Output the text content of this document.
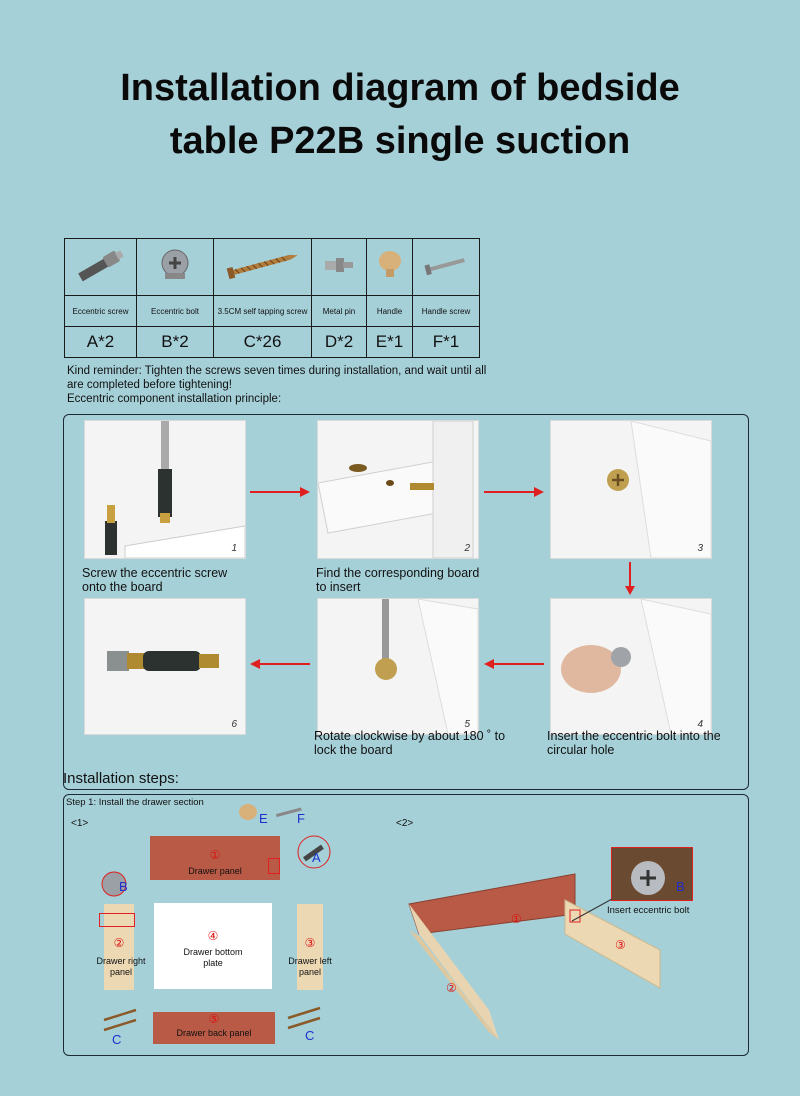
Installation diagram of bedside
table P22B single suction

Eccentric screw	Eccentric bolt	3.5CM self tapping screw	Metal pin	Handle	Handle screw
A*2	B*2	C*26	D*2	E*1	F*1
Kind reminder: Tighten the screws seven times during installation, and wait until all
are completed before tightening!
Eccentric component installation principle:
1	2	3
Screw the eccentric screw
onto the board
Find the corresponding board
to insert
6	5	4
Rotate clockwise by about 180 ˚ to
lock the board
Insert the eccentric bolt into the
circular hole
Installation steps:
Step 1: Install the drawer section
<1>	<2>
E F
①
Drawer panel
A
B
②
Drawer right panel
④
Drawer bottom plate
③
Drawer left panel
C	C
⑤
Drawer back panel
①
②
③
B
Insert eccentric bolt
